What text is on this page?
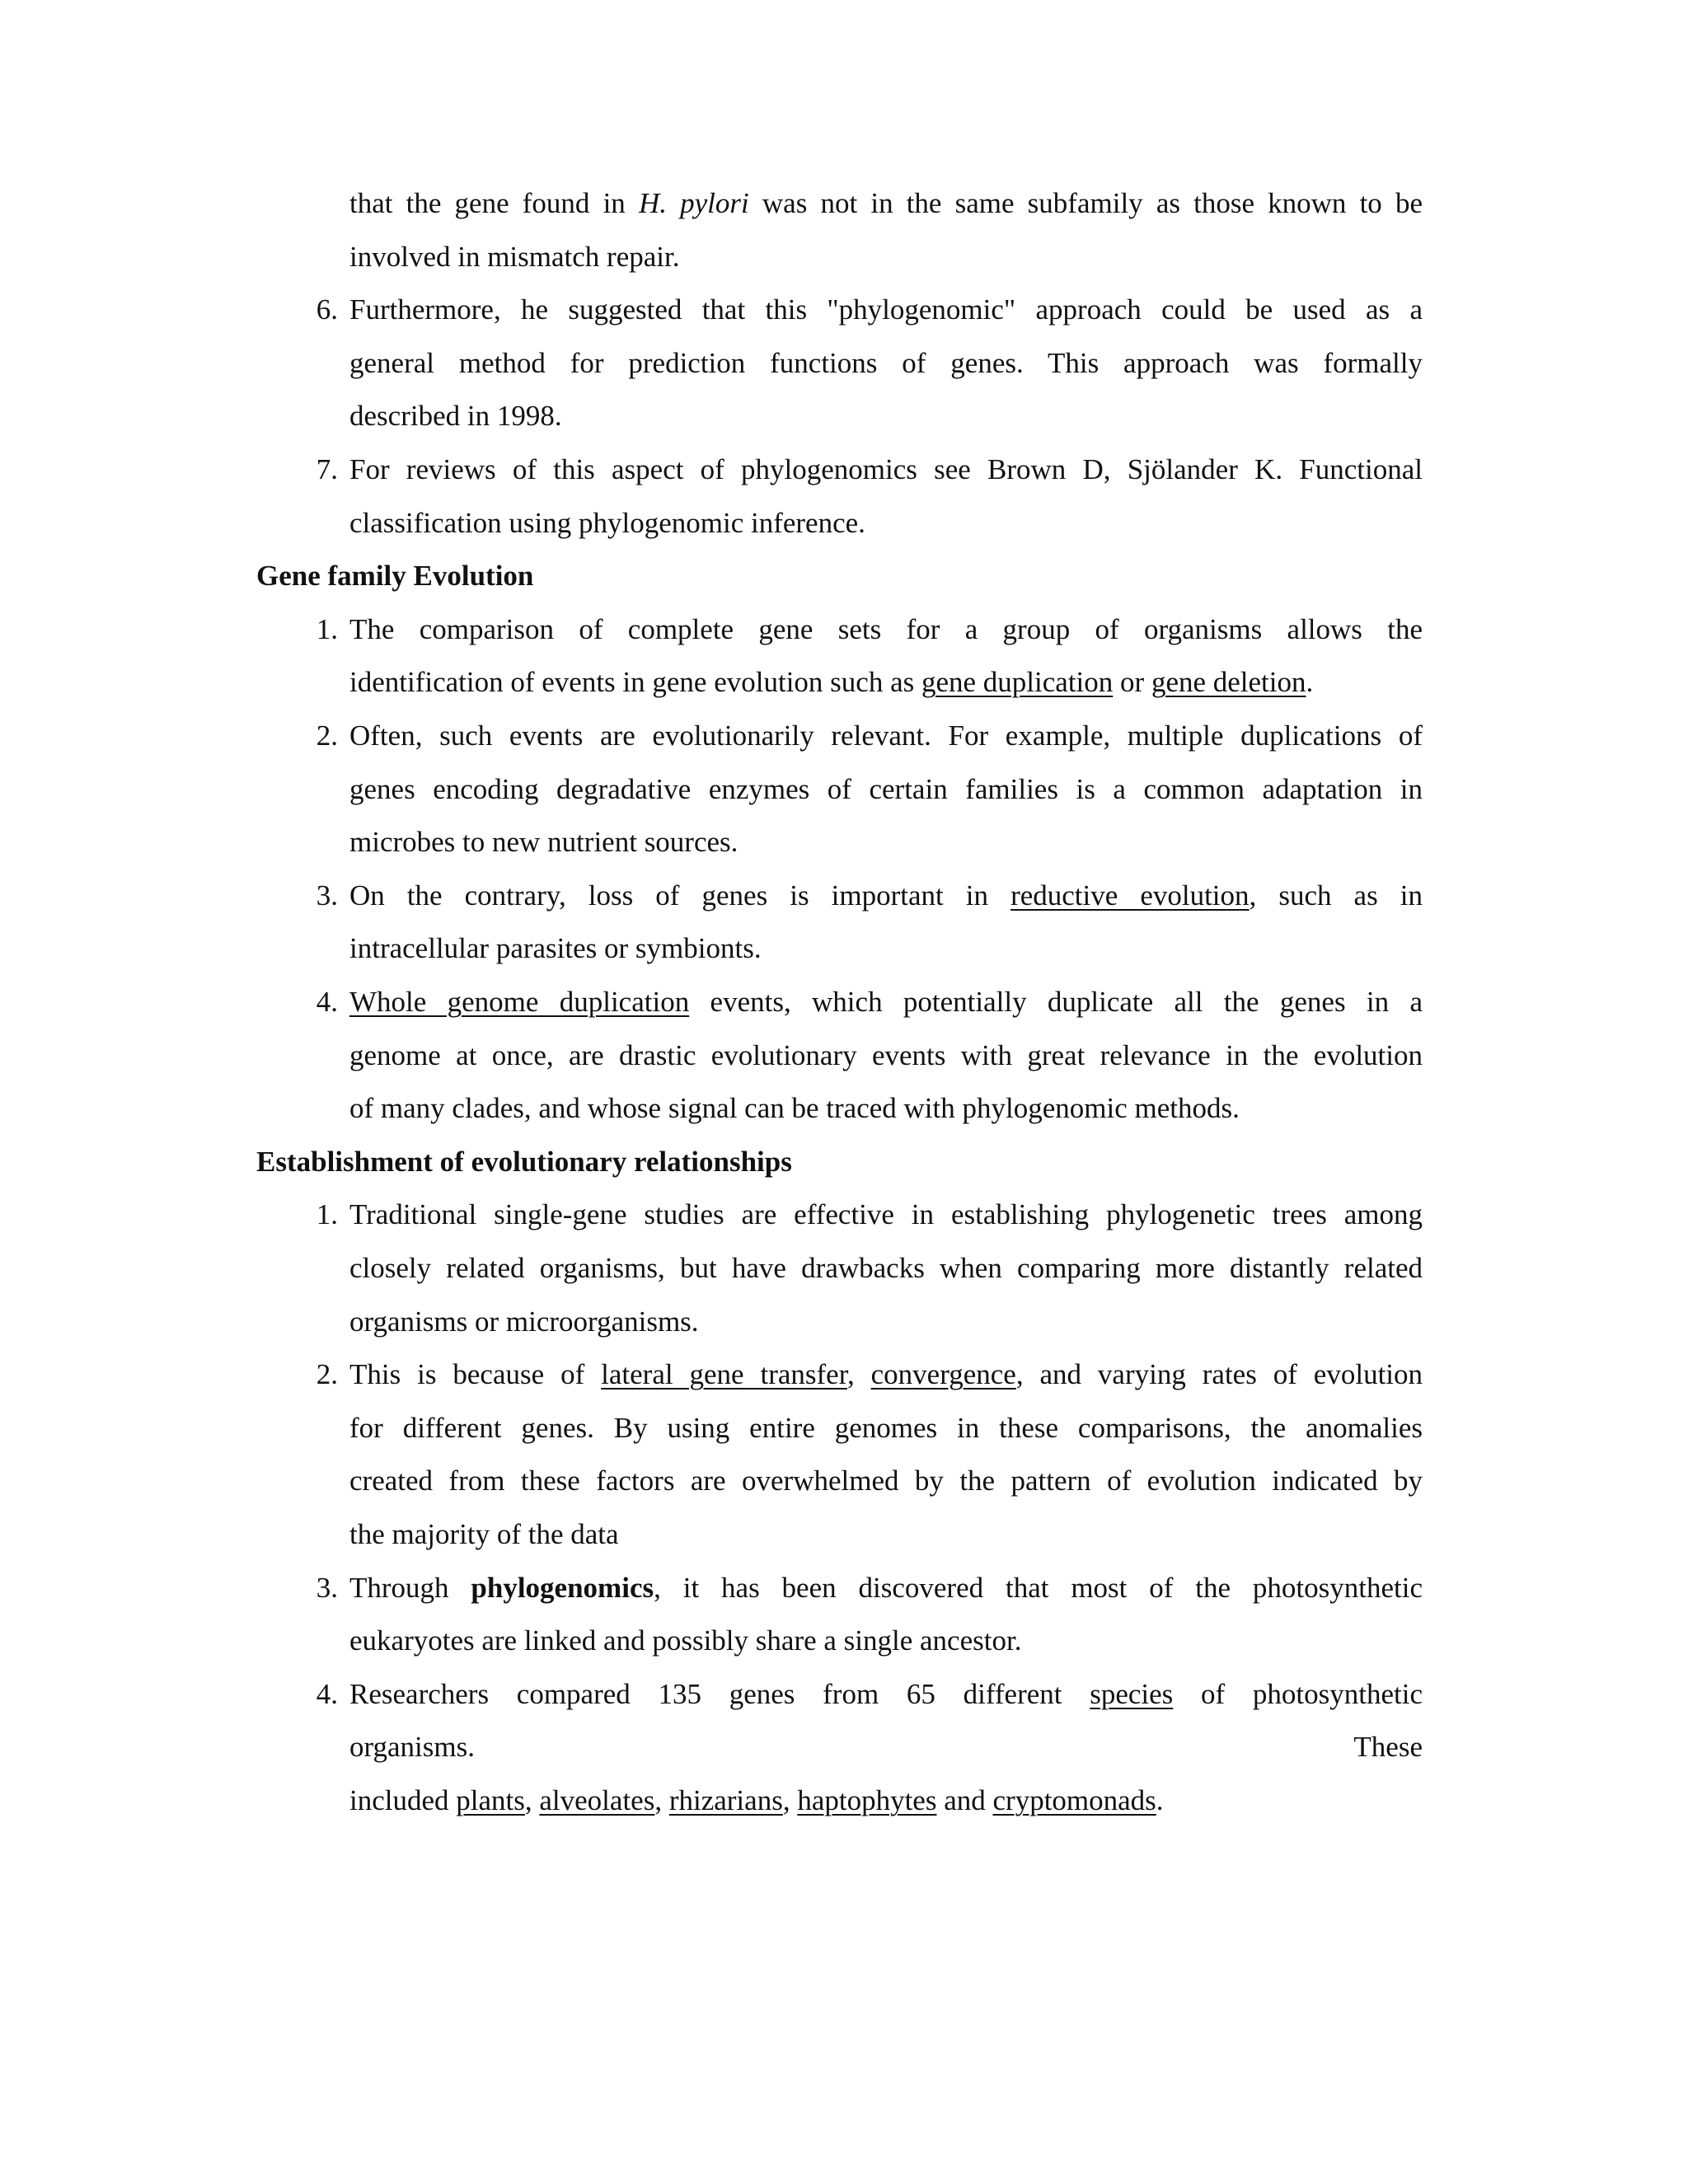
that the gene found in H. pylori was not in the same subfamily as those known to be
involved in mismatch repair.
6. Furthermore, he suggested that this "phylogenomic" approach could be used as a
general method for prediction functions of genes. This approach was formally
described in 1998.
7. For reviews of this aspect of phylogenomics see Brown D, Sjölander K. Functional
classification using phylogenomic inference.
Gene family Evolution
1. The comparison of complete gene sets for a group of organisms allows the
identification of events in gene evolution such as gene duplication or gene deletion.
2. Often, such events are evolutionarily relevant. For example, multiple duplications of
genes encoding degradative enzymes of certain families is a common adaptation in
microbes to new nutrient sources.
3. On the contrary, loss of genes is important in reductive evolution, such as in
intracellular parasites or symbionts.
4. Whole genome duplication events, which potentially duplicate all the genes in a
genome at once, are drastic evolutionary events with great relevance in the evolution
of many clades, and whose signal can be traced with phylogenomic methods.
Establishment of evolutionary relationships
1. Traditional single-gene studies are effective in establishing phylogenetic trees among
closely related organisms, but have drawbacks when comparing more distantly related
organisms or microorganisms.
2. This is because of lateral gene transfer, convergence, and varying rates of evolution
for different genes. By using entire genomes in these comparisons, the anomalies
created from these factors are overwhelmed by the pattern of evolution indicated by
the majority of the data
3. Through phylogenomics, it has been discovered that most of the photosynthetic
eukaryotes are linked and possibly share a single ancestor.
4. Researchers compared 135 genes from 65 different species of photosynthetic
organisms. These
included plants, alveolates, rhizarians, haptophytes and cryptomonads.
